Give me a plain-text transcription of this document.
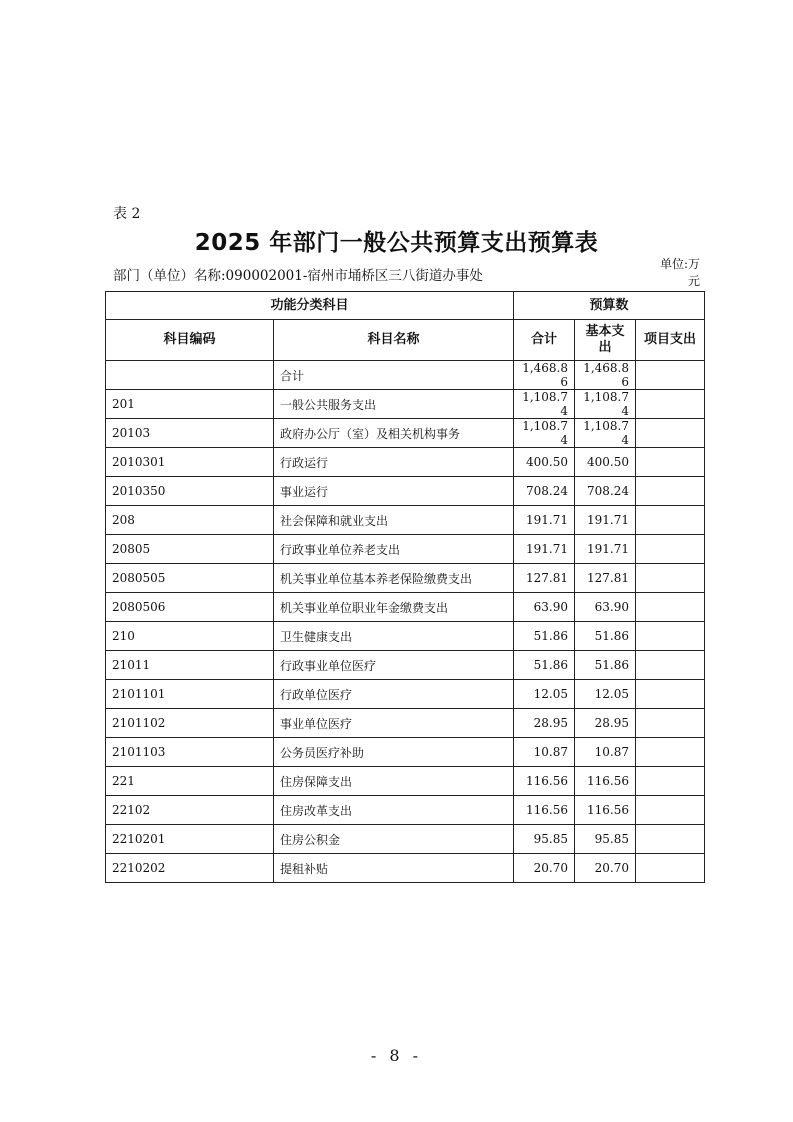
表 2
2025 年部门一般公共预算支出预算表
部门（单位）名称:090002001-宿州市埇桥区三八街道办事处
单位:万元
功能分类科目		预算数		
科目编码	科目名称	合计	基本支出	项目支出
	合计	1,468.86	1,468.86	
201	一般公共服务支出	1,108.74	1,108.74	
20103	政府办公厅（室）及相关机构事务	1,108.74	1,108.74	
2010301	行政运行	400.50	400.50	
2010350	事业运行	708.24	708.24	
208	社会保障和就业支出	191.71	191.71	
20805	行政事业单位养老支出	191.71	191.71	
2080505	机关事业单位基本养老保险缴费支出	127.81	127.81	
2080506	机关事业单位职业年金缴费支出	63.90	63.90	
210	卫生健康支出	51.86	51.86	
21011	行政事业单位医疗	51.86	51.86	
2101101	行政单位医疗	12.05	12.05	
2101102	事业单位医疗	28.95	28.95	
2101103	公务员医疗补助	10.87	10.87	
221	住房保障支出	116.56	116.56	
22102	住房改革支出	116.56	116.56	
2210201	住房公积金	95.85	95.85	
2210202	提租补贴	20.70	20.70	
- 8 -
